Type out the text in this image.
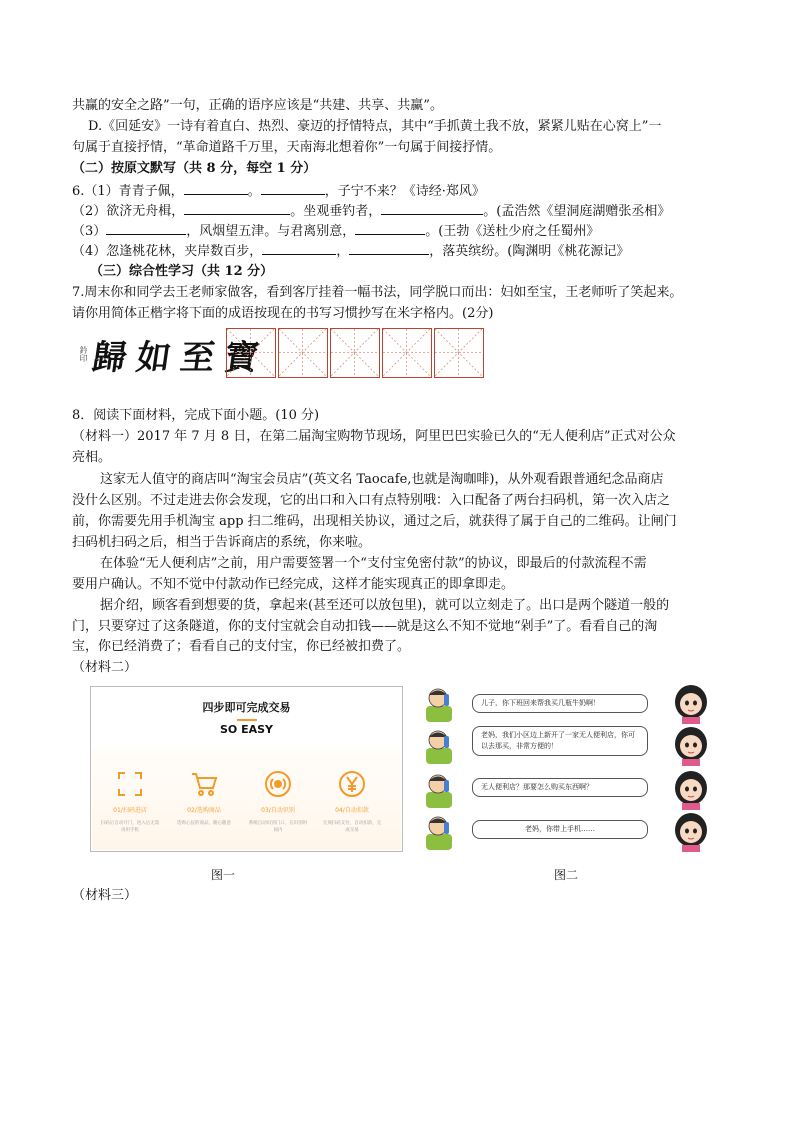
共赢的安全之路”一句，正确的语序应该是“共建、共享、共赢”。
D.《回延安》一诗有着直白、热烈、豪迈的抒情特点，其中“手抓黄土我不放，紧紧儿贴在心窝上”一
句属于直接抒情，“革命道路千万里，天南海北想着你”一句属于间接抒情。
（二）按原文默写（共 8 分，每空 1 分）
6.（1）青青子佩，	。	，子宁不来？《诗经·郑风》
（2）欲济无舟楫，	。坐观垂钓者，	。(孟浩然《望洞庭湖赠张丞相》
（3）	，风烟望五津。与君离别意，	。(王勃《送杜少府之任蜀州》
（4）忽逢桃花林，夹岸数百步，	，	，落英缤纷。(陶渊明《桃花源记》
（三）综合性学习（共 12 分）
7.周末你和同学去王老师家做客，看到客厅挂着一幅书法，同学脱口而出：妇如至宝，王老师听了笑起来。
请你用简体正楷字将下面的成语按现在的书写习惯抄写在米字格内。(2分)
鈐印 歸 如 至 寶
8．阅读下面材料，完成下面小题。(10 分)
（材料一）2017 年 7 月 8 日，在第二届淘宝购物节现场，阿里巴巴实验已久的“无人便利店”正式对公众
亮相。
这家无人值守的商店叫“淘宝会员店”(英文名 Taocafe,也就是淘咖啡)，从外观看跟普通纪念品商店
没什么区别。不过走进去你会发现，它的出口和入口有点特别哦：入口配备了两台扫码机，第一次入店之
前，你需要先用手机淘宝 app 扫二维码，出现相关协议，通过之后，就获得了属于自己的二维码。让闸门
扫码机扫码之后，相当于告诉商店的系统，你来啦。
在体验“无人便利店”之前，用户需要签署一个“支付宝免密付款”的协议，即最后的付款流程不需
要用户确认。不知不觉中付款动作已经完成，这样才能实现真正的即拿即走。
据介绍，顾客看到想要的货，拿起来(甚至还可以放包里)，就可以立刻走了。出口是两个隧道一般的
门，只要穿过了这条隧道，你的支付宝就会自动扣钱——就是这么不知不觉地“剁手”了。看看自己的淘
宝，你已经消费了；看看自己的支付宝，你已经被扣费了。
（材料二）
四步即可完成交易
SO EASY
01/扫码进店
扫码后自动开门，进入后无需再用手机
02/选购商品
选购心仪的商品，随心随意
03/自动识别
系统自动识别门口，在识别时间内
04/自动扣款
无须扫码支付，自动扣款，完成交易
儿子，你下班回来帮我买几瓶牛奶啊！
老妈，我们小区边上新开了一家无人便利店，你可以去那买，非常方便的！
无人便利店？那要怎么购买东西啊？
老妈，你带上手机……
图一	图二
（材料三）
